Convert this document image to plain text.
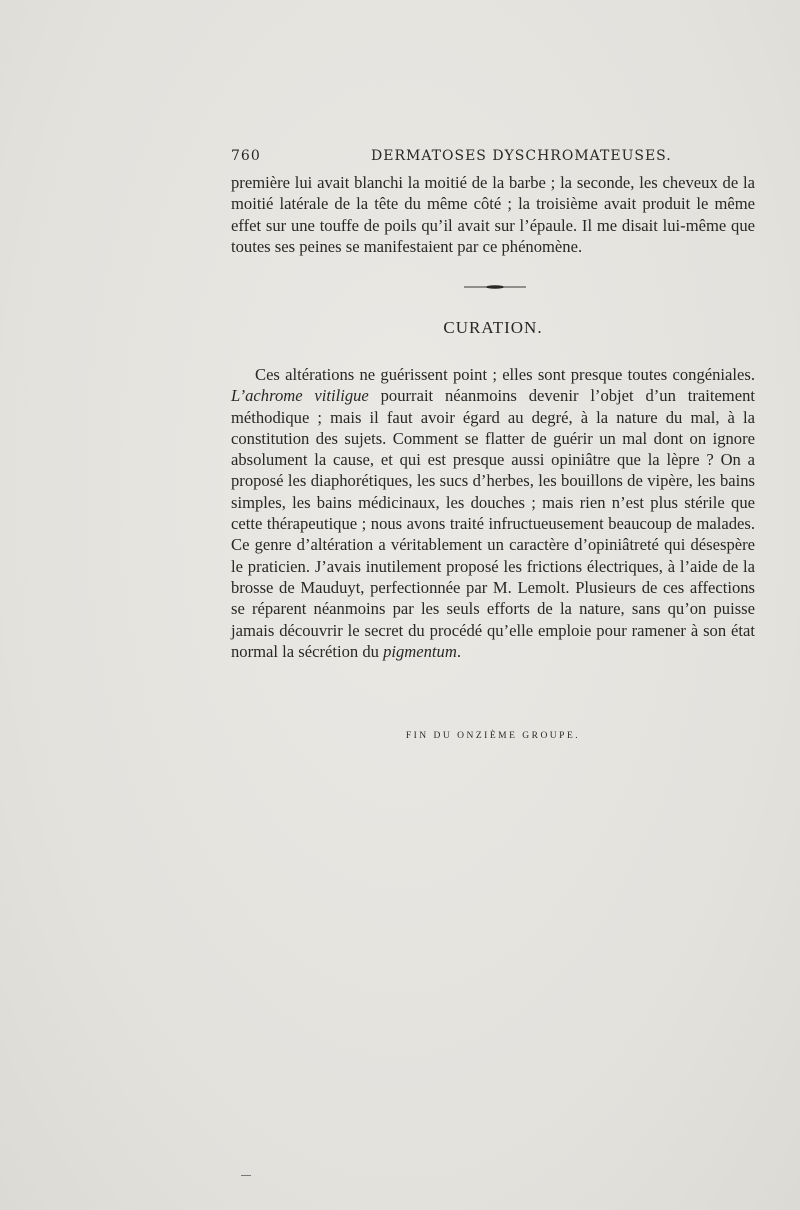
760	DERMATOSES DYSCHROMATEUSES.

première lui avait blanchi la moitié de la barbe ; la seconde, les cheveux de la moitié latérale de la tête du même côté ; la troisième avait produit le même effet sur une touffe de poils qu’il avait sur l’épaule. Il me disait lui-même que toutes ses peines se manifestaient par ce phénomène.

CURATION.

Ces altérations ne guérissent point ; elles sont presque toutes congéniales. L’achrome vitiligue pourrait néanmoins devenir l’objet d’un traitement méthodique ; mais il faut avoir égard au degré, à la nature du mal, à la constitution des sujets. Comment se flatter de guérir un mal dont on ignore absolument la cause, et qui est presque aussi opiniâtre que la lèpre ? On a proposé les diaphorétiques, les sucs d’herbes, les bouillons de vipère, les bains simples, les bains médicinaux, les douches ; mais rien n’est plus stérile que cette thérapeutique ; nous avons traité infructueusement beaucoup de malades. Ce genre d’altération a véritablement un caractère d’opiniâtreté qui désespère le praticien. J’avais inutilement proposé les frictions électriques, à l’aide de la brosse de Mauduyt, perfectionnée par M. Lemolt. Plusieurs de ces affections se réparent néanmoins par les seuls efforts de la nature, sans qu’on puisse jamais découvrir le secret du procédé qu’elle emploie pour ramener à son état normal la sécrétion du pigmentum.

FIN DU ONZIÈME GROUPE.
